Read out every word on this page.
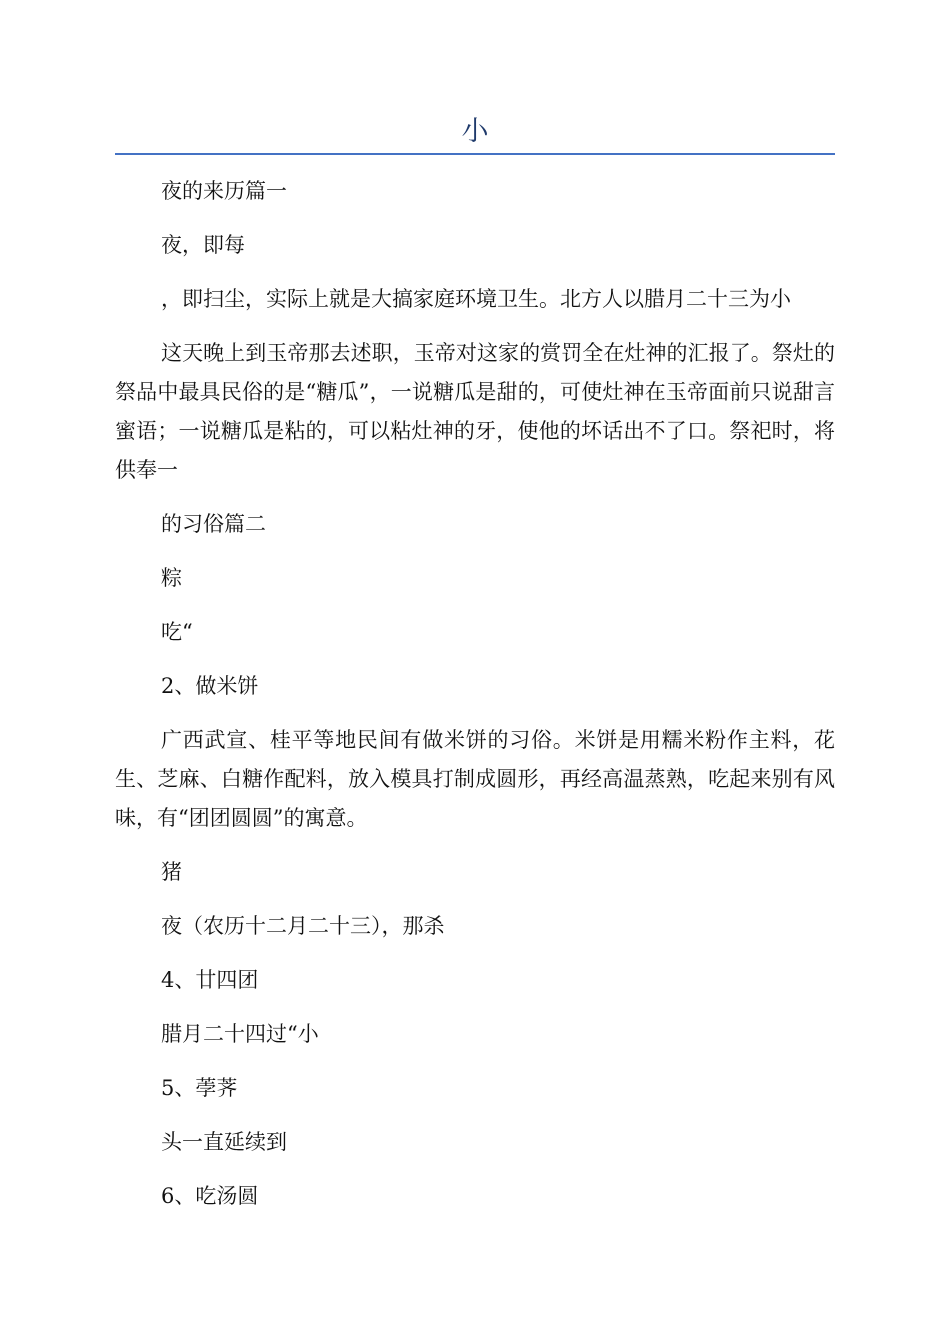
小

夜的来历篇一

夜，即每

，即扫尘，实际上就是大搞家庭环境卫生。北方人以腊月二十三为小

这天晚上到玉帝那去述职，玉帝对这家的赏罚全在灶神的汇报了。祭灶的祭品中最具民俗的是“糖瓜”，一说糖瓜是甜的，可使灶神在玉帝面前只说甜言蜜语；一说糖瓜是粘的，可以粘灶神的牙，使他的坏话出不了口。祭祀时，将供奉一

的习俗篇二

粽

吃“

2、做米饼

广西武宣、桂平等地民间有做米饼的习俗。米饼是用糯米粉作主料，花生、芝麻、白糖作配料，放入模具打制成圆形，再经高温蒸熟，吃起来别有风味，有“团团圆圆”的寓意。

猪

夜（农历十二月二十三），那杀

4、廿四团

腊月二十四过“小

5、荸荠

头一直延续到

6、吃汤圆
